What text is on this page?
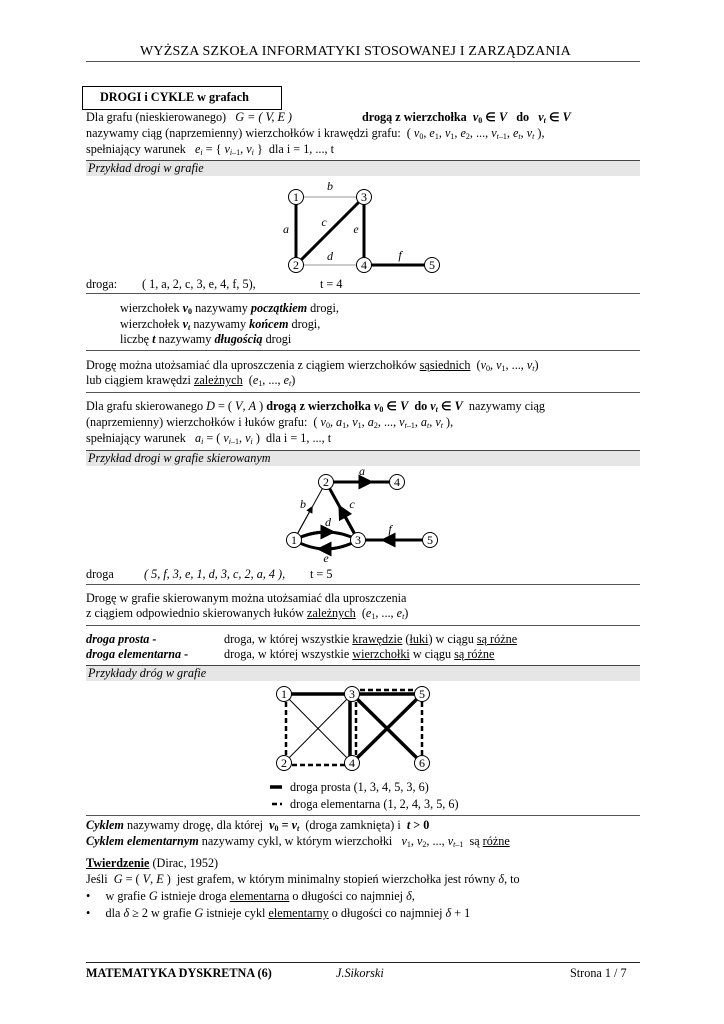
WYŻSZA SZKOŁA INFORMATYKI STOSOWANEJ I ZARZĄDZANIA
DROGI i CYKLE w grafach
Dla grafu (nieskierowanego) G = ( V, E )	drogą z wierzchołka $v_0$ ∈ V   do   $v_t$ ∈ V
nazywamy ciąg (naprzemienny) wierzchołków i krawędzi grafu:  ( $v_0$, $e_1$, $v_1$, $e_2$, ..., $v_{t-1}$, $e_t$, $v_t$ ),
spełniający warunek $e_i$ = { $v_{i-1}$, $v_i$ }  dla i = 1, ..., t
Przykład drogi w grafie
1
2
3
4	5
a
b
c
d
e
f
droga: ( 1, a, 2, c, 3, e, 4, f, 5),	t = 4
wierzchołek $v_0$ nazywamy początkiem drogi,
wierzchołek $v_t$ nazywamy końcem drogi,
liczbę t nazywamy długością drogi
Drogę można utożsamiać dla uproszczenia z ciągiem wierzchołków sąsiednich  ($v_0$, $v_1$, ..., $v_t$)
lub ciągiem krawędzi zależnych  ($e_1$, ..., $e_t$)
Dla grafu skierowanego D = ( V, A ) drogą z wierzchołka $v_0$ ∈ V  do $v_t$ ∈ V nazywamy ciąg
(naprzemienny) wierzchołków i łuków grafu:  ( $v_0$, $a_1$, $v_1$, $a_2$, ..., $v_{t-1}$, $a_t$, $v_t$ ),
spełniający warunek $a_i$ = ( $v_{i-1}$, $v_i$ )  dla i = 1, ..., t
Przykład drogi w grafie skierowanym
1
2
3
4
5
a
b	c
d
e
f
droga ( 5, f, 3, e, 1, d, 3, c, 2, a, 4 ), t = 5
Drogę w grafie skierowanym można utożsamiać dla uproszczenia
z ciągiem odpowiednio skierowanych łuków zależnych  ($e_1$, ..., $e_t$)
droga prosta -	droga, w której wszystkie krawędzie (łuki) w ciągu są różne
droga elementarna -	droga, w której wszystkie wierzchołki w ciągu są różne
Przykłady dróg w grafie
1
2
3
4
5
6
droga prosta (1, 3, 4, 5, 3, 6)
droga elementarna (1, 2, 4, 3, 5, 6)
Cyklem nazywamy drogę, dla której $v_0 = v_t$ (droga zamknięta) i t > 0
Cyklem elementarnym nazywamy cykl, w którym wierzchołki $v_1$, $v_2$, ..., $v_{t-1}$  są różne
Twierdzenie (Dirac, 1952)
Jeśli  G = ( V, E )  jest grafem, w którym minimalny stopień wierzchołka jest równy δ, to
•     w grafie G istnieje droga elementarna o długości co najmniej δ,
•     dla δ ≥ 2 w grafie G istnieje cykl elementarny o długości co najmniej δ + 1
MATEMATYKA DYSKRETNA (6)	J.Sikorski	Strona 1 / 7
